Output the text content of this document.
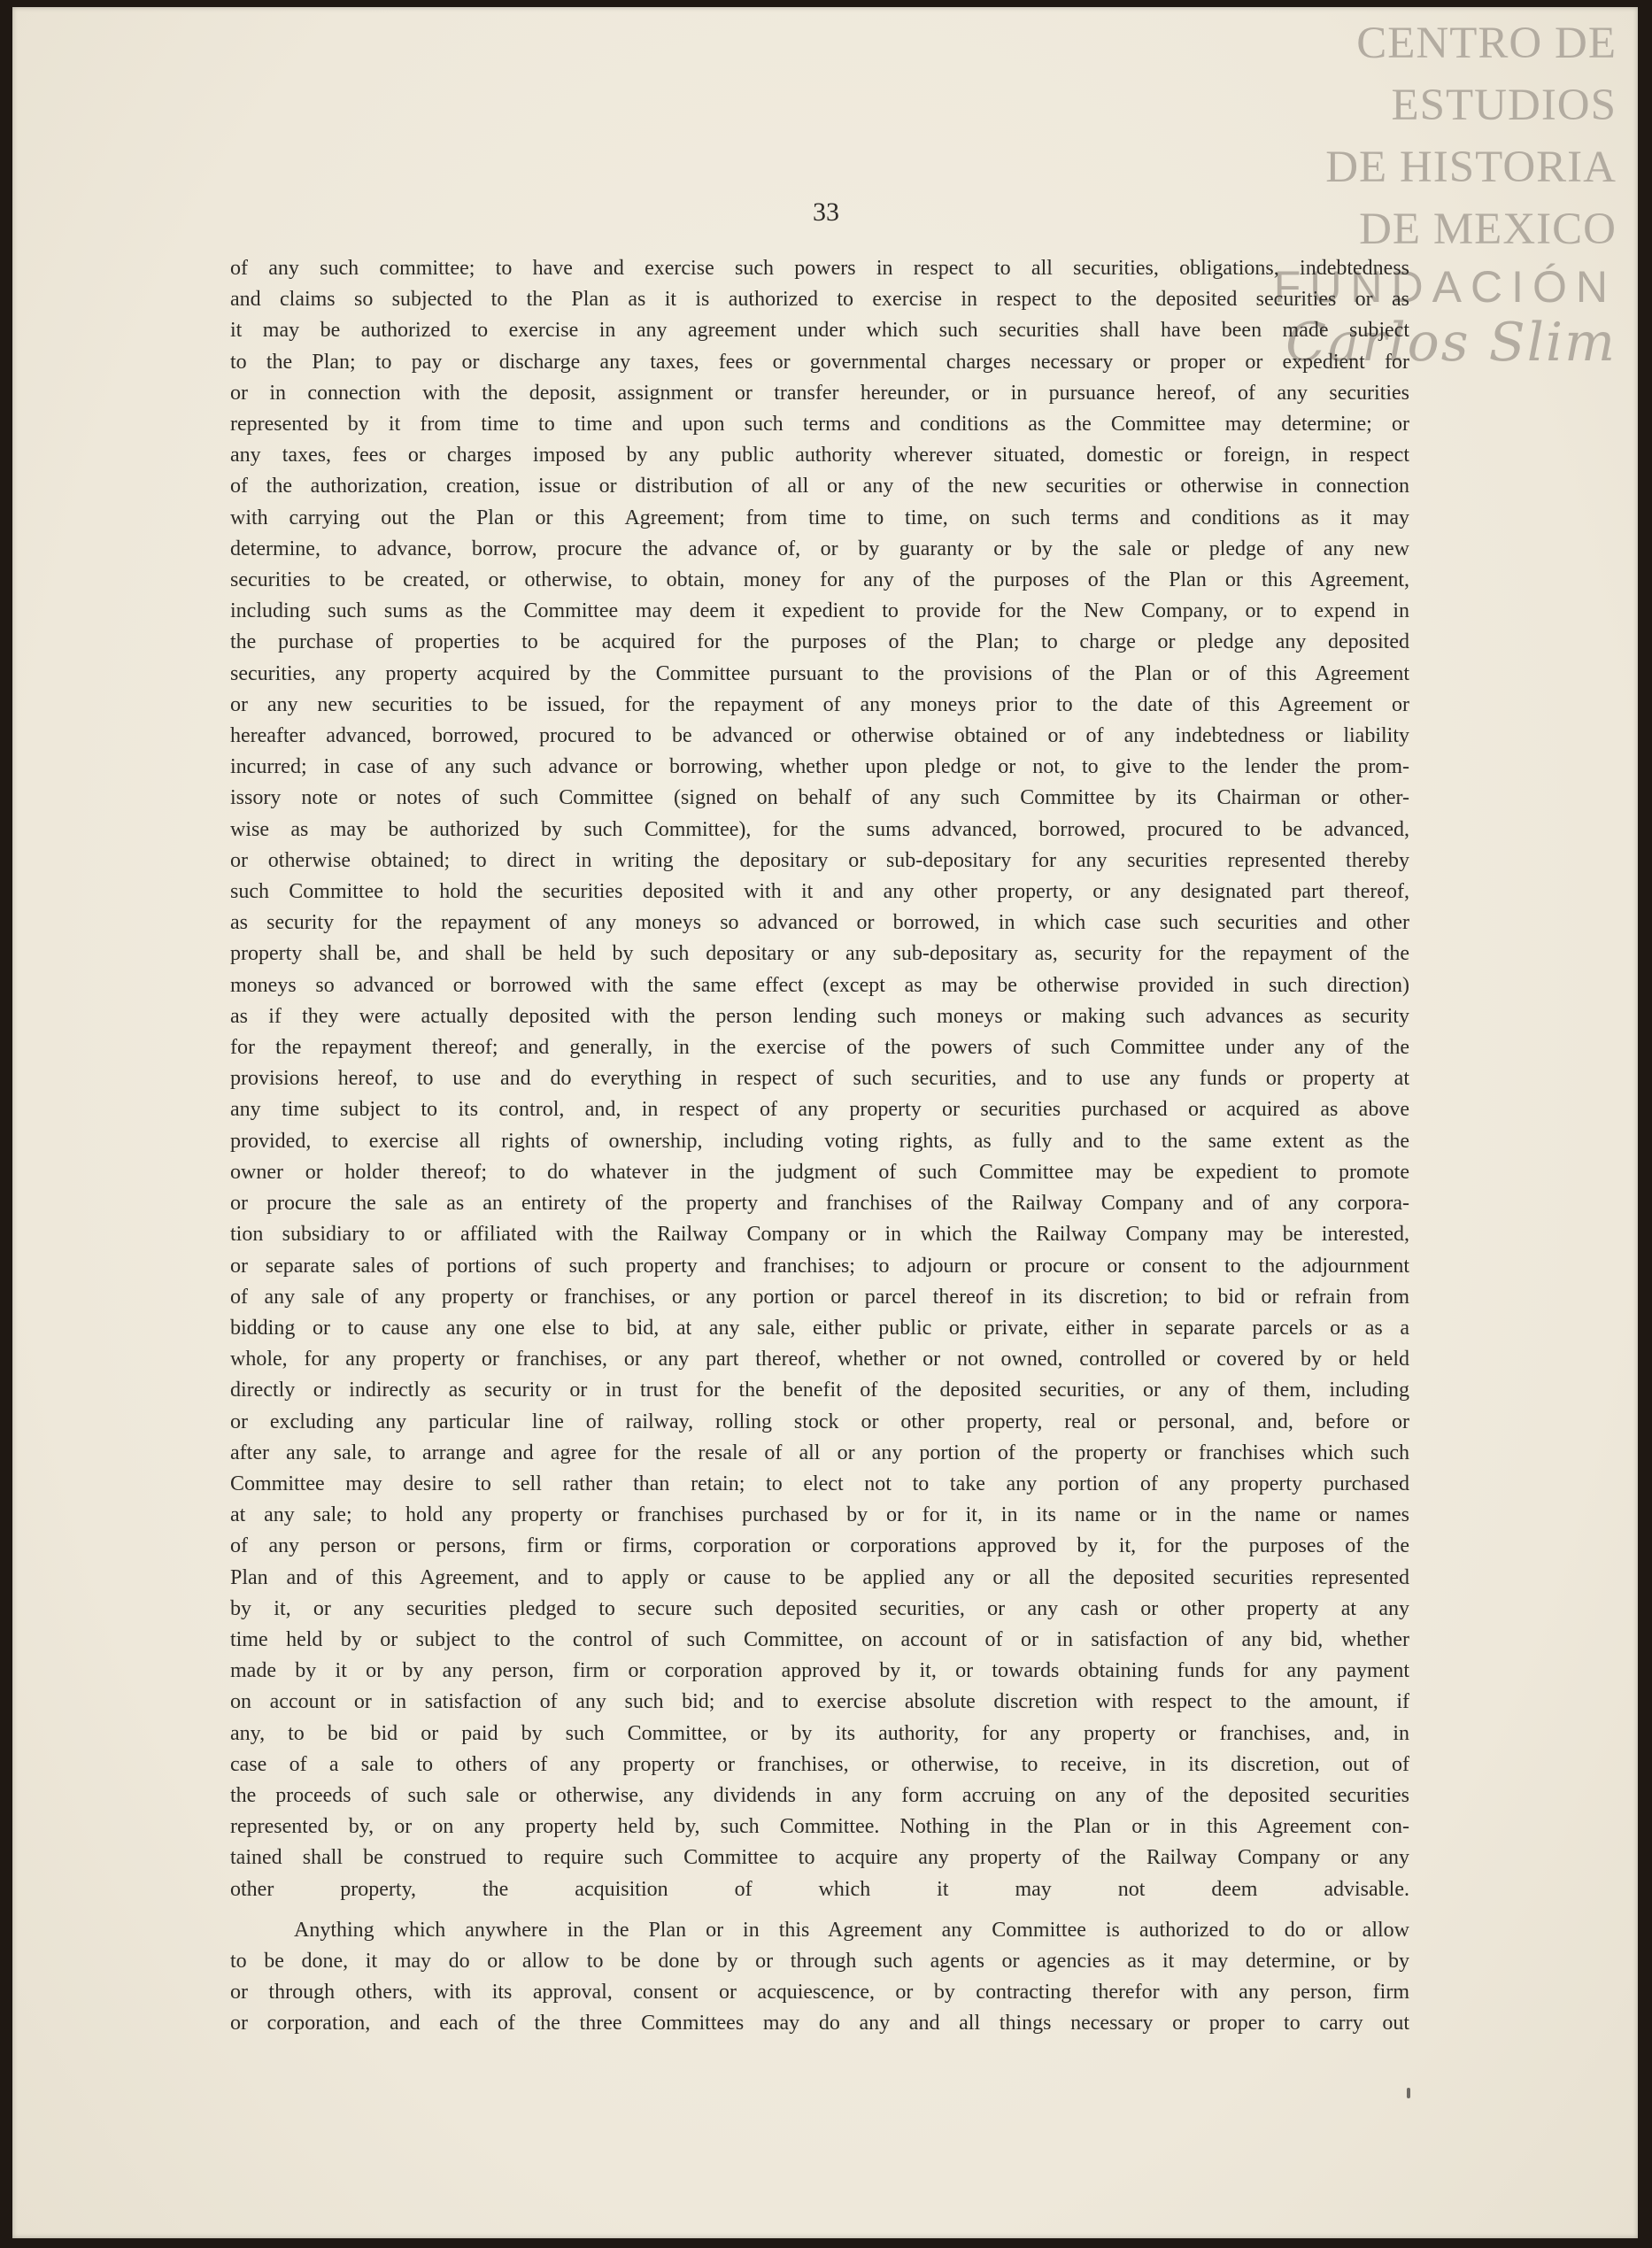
CENTRO DE
ESTUDIOS
DE HISTORIA
DE MEXICO
FUNDACIÓN
Carlos Slim
33

of any such committee; to have and exercise such powers in respect to all securities, obligations, indebtedness
and claims so subjected to the Plan as it is authorized to exercise in respect to the deposited securities or as
it may be authorized to exercise in any agreement under which such securities shall have been made subject
to the Plan; to pay or discharge any taxes, fees or governmental charges necessary or proper or expedient for
or in connection with the deposit, assignment or transfer hereunder, or in pursuance hereof, of any securities
represented by it from time to time and upon such terms and conditions as the Committee may determine; or
any taxes, fees or charges imposed by any public authority wherever situated, domestic or foreign, in respect
of the authorization, creation, issue or distribution of all or any of the new securities or otherwise in connection
with carrying out the Plan or this Agreement; from time to time, on such terms and conditions as it may
determine, to advance, borrow, procure the advance of, or by guaranty or by the sale or pledge of any new
securities to be created, or otherwise, to obtain, money for any of the purposes of the Plan or this Agreement,
including such sums as the Committee may deem it expedient to provide for the New Company, or to expend in
the purchase of properties to be acquired for the purposes of the Plan; to charge or pledge any deposited
securities, any property acquired by the Committee pursuant to the provisions of the Plan or of this Agreement
or any new securities to be issued, for the repayment of any moneys prior to the date of this Agreement or
hereafter advanced, borrowed, procured to be advanced or otherwise obtained or of any indebtedness or liability
incurred; in case of any such advance or borrowing, whether upon pledge or not, to give to the lender the prom-
issory note or notes of such Committee (signed on behalf of any such Committee by its Chairman or other-
wise as may be authorized by such Committee), for the sums advanced, borrowed, procured to be advanced,
or otherwise obtained; to direct in writing the depositary or sub-depositary for any securities represented thereby
such Committee to hold the securities deposited with it and any other property, or any designated part thereof,
as security for the repayment of any moneys so advanced or borrowed, in which case such securities and other
property shall be, and shall be held by such depositary or any sub-depositary as, security for the repayment of the
moneys so advanced or borrowed with the same effect (except as may be otherwise provided in such direction)
as if they were actually deposited with the person lending such moneys or making such advances as security
for the repayment thereof; and generally, in the exercise of the powers of such Committee under any of the
provisions hereof, to use and do everything in respect of such securities, and to use any funds or property at
any time subject to its control, and, in respect of any property or securities purchased or acquired as above
provided, to exercise all rights of ownership, including voting rights, as fully and to the same extent as the
owner or holder thereof; to do whatever in the judgment of such Committee may be expedient to promote
or procure the sale as an entirety of the property and franchises of the Railway Company and of any corpora-
tion subsidiary to or affiliated with the Railway Company or in which the Railway Company may be interested,
or separate sales of portions of such property and franchises; to adjourn or procure or consent to the adjournment
of any sale of any property or franchises, or any portion or parcel thereof in its discretion; to bid or refrain from
bidding or to cause any one else to bid, at any sale, either public or private, either in separate parcels or as a
whole, for any property or franchises, or any part thereof, whether or not owned, controlled or covered by or held
directly or indirectly as security or in trust for the benefit of the deposited securities, or any of them, including
or excluding any particular line of railway, rolling stock or other property, real or personal, and, before or
after any sale, to arrange and agree for the resale of all or any portion of the property or franchises which such
Committee may desire to sell rather than retain; to elect not to take any portion of any property purchased
at any sale; to hold any property or franchises purchased by or for it, in its name or in the name or names
of any person or persons, firm or firms, corporation or corporations approved by it, for the purposes of the
Plan and of this Agreement, and to apply or cause to be applied any or all the deposited securities represented
by it, or any securities pledged to secure such deposited securities, or any cash or other property at any
time held by or subject to the control of such Committee, on account of or in satisfaction of any bid, whether
made by it or by any person, firm or corporation approved by it, or towards obtaining funds for any payment
on account or in satisfaction of any such bid; and to exercise absolute discretion with respect to the amount, if
any, to be bid or paid by such Committee, or by its authority, for any property or franchises, and, in
case of a sale to others of any property or franchises, or otherwise, to receive, in its discretion, out of
the proceeds of such sale or otherwise, any dividends in any form accruing on any of the deposited securities
represented by, or on any property held by, such Committee. Nothing in the Plan or in this Agreement con-
tained shall be construed to require such Committee to acquire any property of the Railway Company or any
other property, the acquisition of which it may not deem advisable.

Anything which anywhere in the Plan or in this Agreement any Committee is authorized to do or allow
to be done, it may do or allow to be done by or through such agents or agencies as it may determine, or by
or through others, with its approval, consent or acquiescence, or by contracting therefor with any person, firm
or corporation, and each of the three Committees may do any and all things necessary or proper to carry out
